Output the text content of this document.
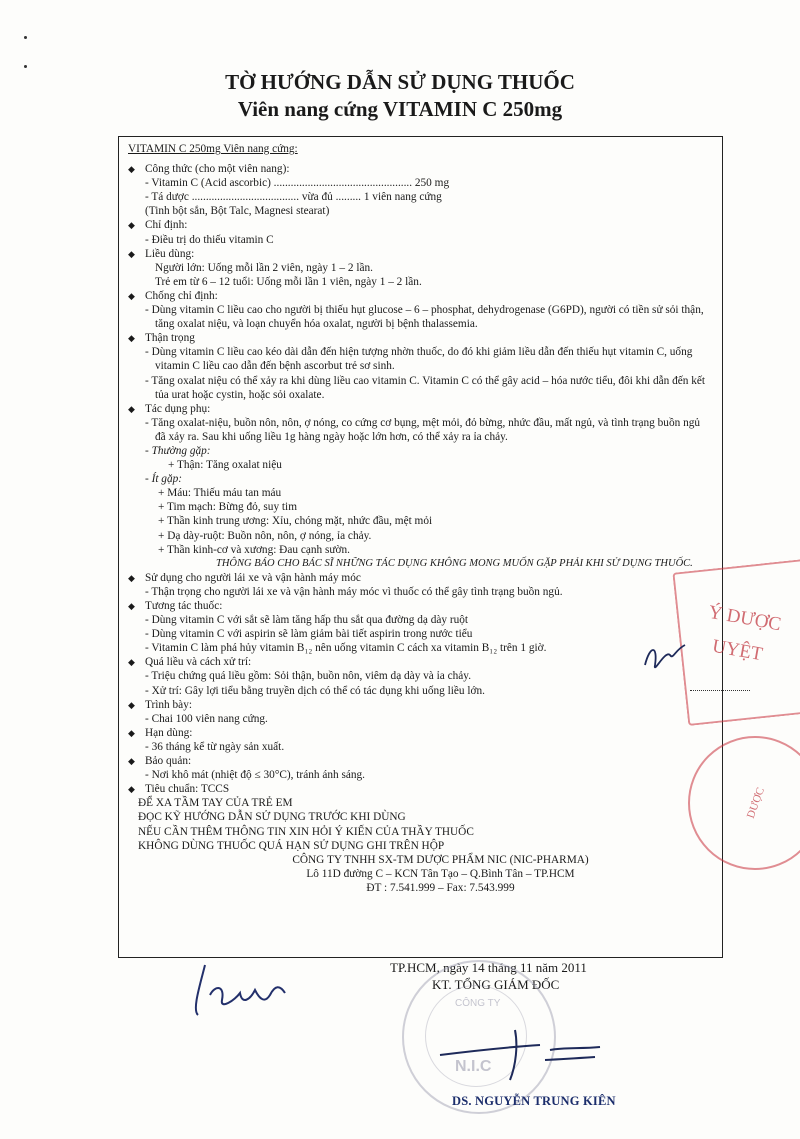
TỜ HƯỚNG DẪN SỬ DỤNG THUỐC
Viên nang cứng VITAMIN C 250mg
VITAMIN C 250mg Viên nang cứng:
◆ Công thức (cho một viên nang):
- Vitamin C (Acid ascorbic) ................................................. 250 mg
- Tá dược ...................................... vừa đủ ......... 1 viên nang cứng
(Tinh bột sắn, Bột Talc, Magnesi stearat)
◆ Chỉ định:
- Điều trị do thiếu vitamin C
◆ Liều dùng:
Người lớn: Uống mỗi lần 2 viên, ngày 1 – 2 lần.
Trẻ em từ 6 – 12 tuổi: Uống mỗi lần 1 viên, ngày 1 – 2 lần.
◆ Chống chỉ định:
- Dùng vitamin C liều cao cho người bị thiếu hụt glucose – 6 – phosphat, dehydrogenase (G6PD), người có tiền sử sỏi thận, tăng oxalat niệu, và loạn chuyển hóa oxalat, người bị bệnh thalassemia.
◆ Thận trọng
- Dùng vitamin C liều cao kéo dài dẫn đến hiện tượng nhờn thuốc, do đó khi giảm liều dẫn đến thiếu hụt vitamin C, uống vitamin C liều cao dẫn đến bệnh ascorbut trẻ sơ sinh.
- Tăng oxalat niệu có thể xảy ra khi dùng liều cao vitamin C. Vitamin C có thể gây acid – hóa nước tiểu, đôi khi dẫn đến kết tủa urat hoặc cystin, hoặc sỏi oxalate.
◆ Tác dụng phụ:
- Tăng oxalat-niệu, buồn nôn, nôn, ợ nóng, co cứng cơ bụng, mệt mỏi, đỏ bừng, nhức đầu, mất ngủ, và tình trạng buồn ngủ đã xảy ra. Sau khi uống liều 1g hàng ngày hoặc lớn hơn, có thể xảy ra ỉa chảy.
- Thường gặp:
+ Thận: Tăng oxalat niệu
- Ít gặp:
+ Máu: Thiếu máu tan máu
+ Tim mạch: Bừng đỏ, suy tim
+ Thần kinh trung ương: Xỉu, chóng mặt, nhức đầu, mệt mỏi
+ Dạ dày-ruột: Buồn nôn, nôn, ợ nóng, ỉa chảy.
+ Thần kinh-cơ và xương: Đau cạnh sườn.
THÔNG BÁO CHO BÁC SĨ NHỮNG TÁC DỤNG KHÔNG MONG MUỐN GẶP PHẢI KHI SỬ DỤNG THUỐC.
◆ Sử dụng cho người lái xe và vận hành máy móc
- Thận trọng cho người lái xe và vận hành máy móc vì thuốc có thể gây tình trạng buồn ngủ.
◆ Tương tác thuốc:
- Dùng vitamin C với sắt sẽ làm tăng hấp thu sắt qua đường dạ dày ruột
- Dùng vitamin C với aspirin sẽ làm giảm bài tiết aspirin trong nước tiểu
- Vitamin C làm phá hủy vitamin B₁₂ nên uống vitamin C cách xa vitamin B₁₂ trên 1 giờ.
◆ Quá liều và cách xử trí:
- Triệu chứng quá liều gồm: Sỏi thận, buồn nôn, viêm dạ dày và ỉa chảy.
- Xử trí: Gây lợi tiểu bằng truyền dịch có thể có tác dụng khi uống liều lớn.
◆ Trình bày:
- Chai 100 viên nang cứng.
◆ Hạn dùng:
- 36 tháng kể từ ngày sản xuất.
◆ Bảo quản:
- Nơi khô mát (nhiệt độ ≤ 30°C), tránh ánh sáng.
◆ Tiêu chuẩn: TCCS
ĐỂ XA TẦM TAY CỦA TRẺ EM
ĐỌC KỸ HƯỚNG DẪN SỬ DỤNG TRƯỚC KHI DÙNG
NẾU CẦN THÊM THÔNG TIN XIN HỎI Ý KIẾN CỦA THẦY THUỐC
KHÔNG DÙNG THUỐC QUÁ HẠN SỬ DỤNG GHI TRÊN HỘP
CÔNG TY TNHH SX-TM DƯỢC PHẨM NIC (NIC-PHARMA)
Lô 11D đường C – KCN Tân Tạo – Q.Bình Tân – TP.HCM
ĐT : 7.541.999 – Fax: 7.543.999
Ý DƯỢC
UYỆT
DƯỢC
TP.HCM, ngày 14 tháng 11 năm 2011
KT. TỔNG GIÁM ĐỐC
CÔNG TY
N.I.C
DS. NGUYỄN TRUNG KIÊN
